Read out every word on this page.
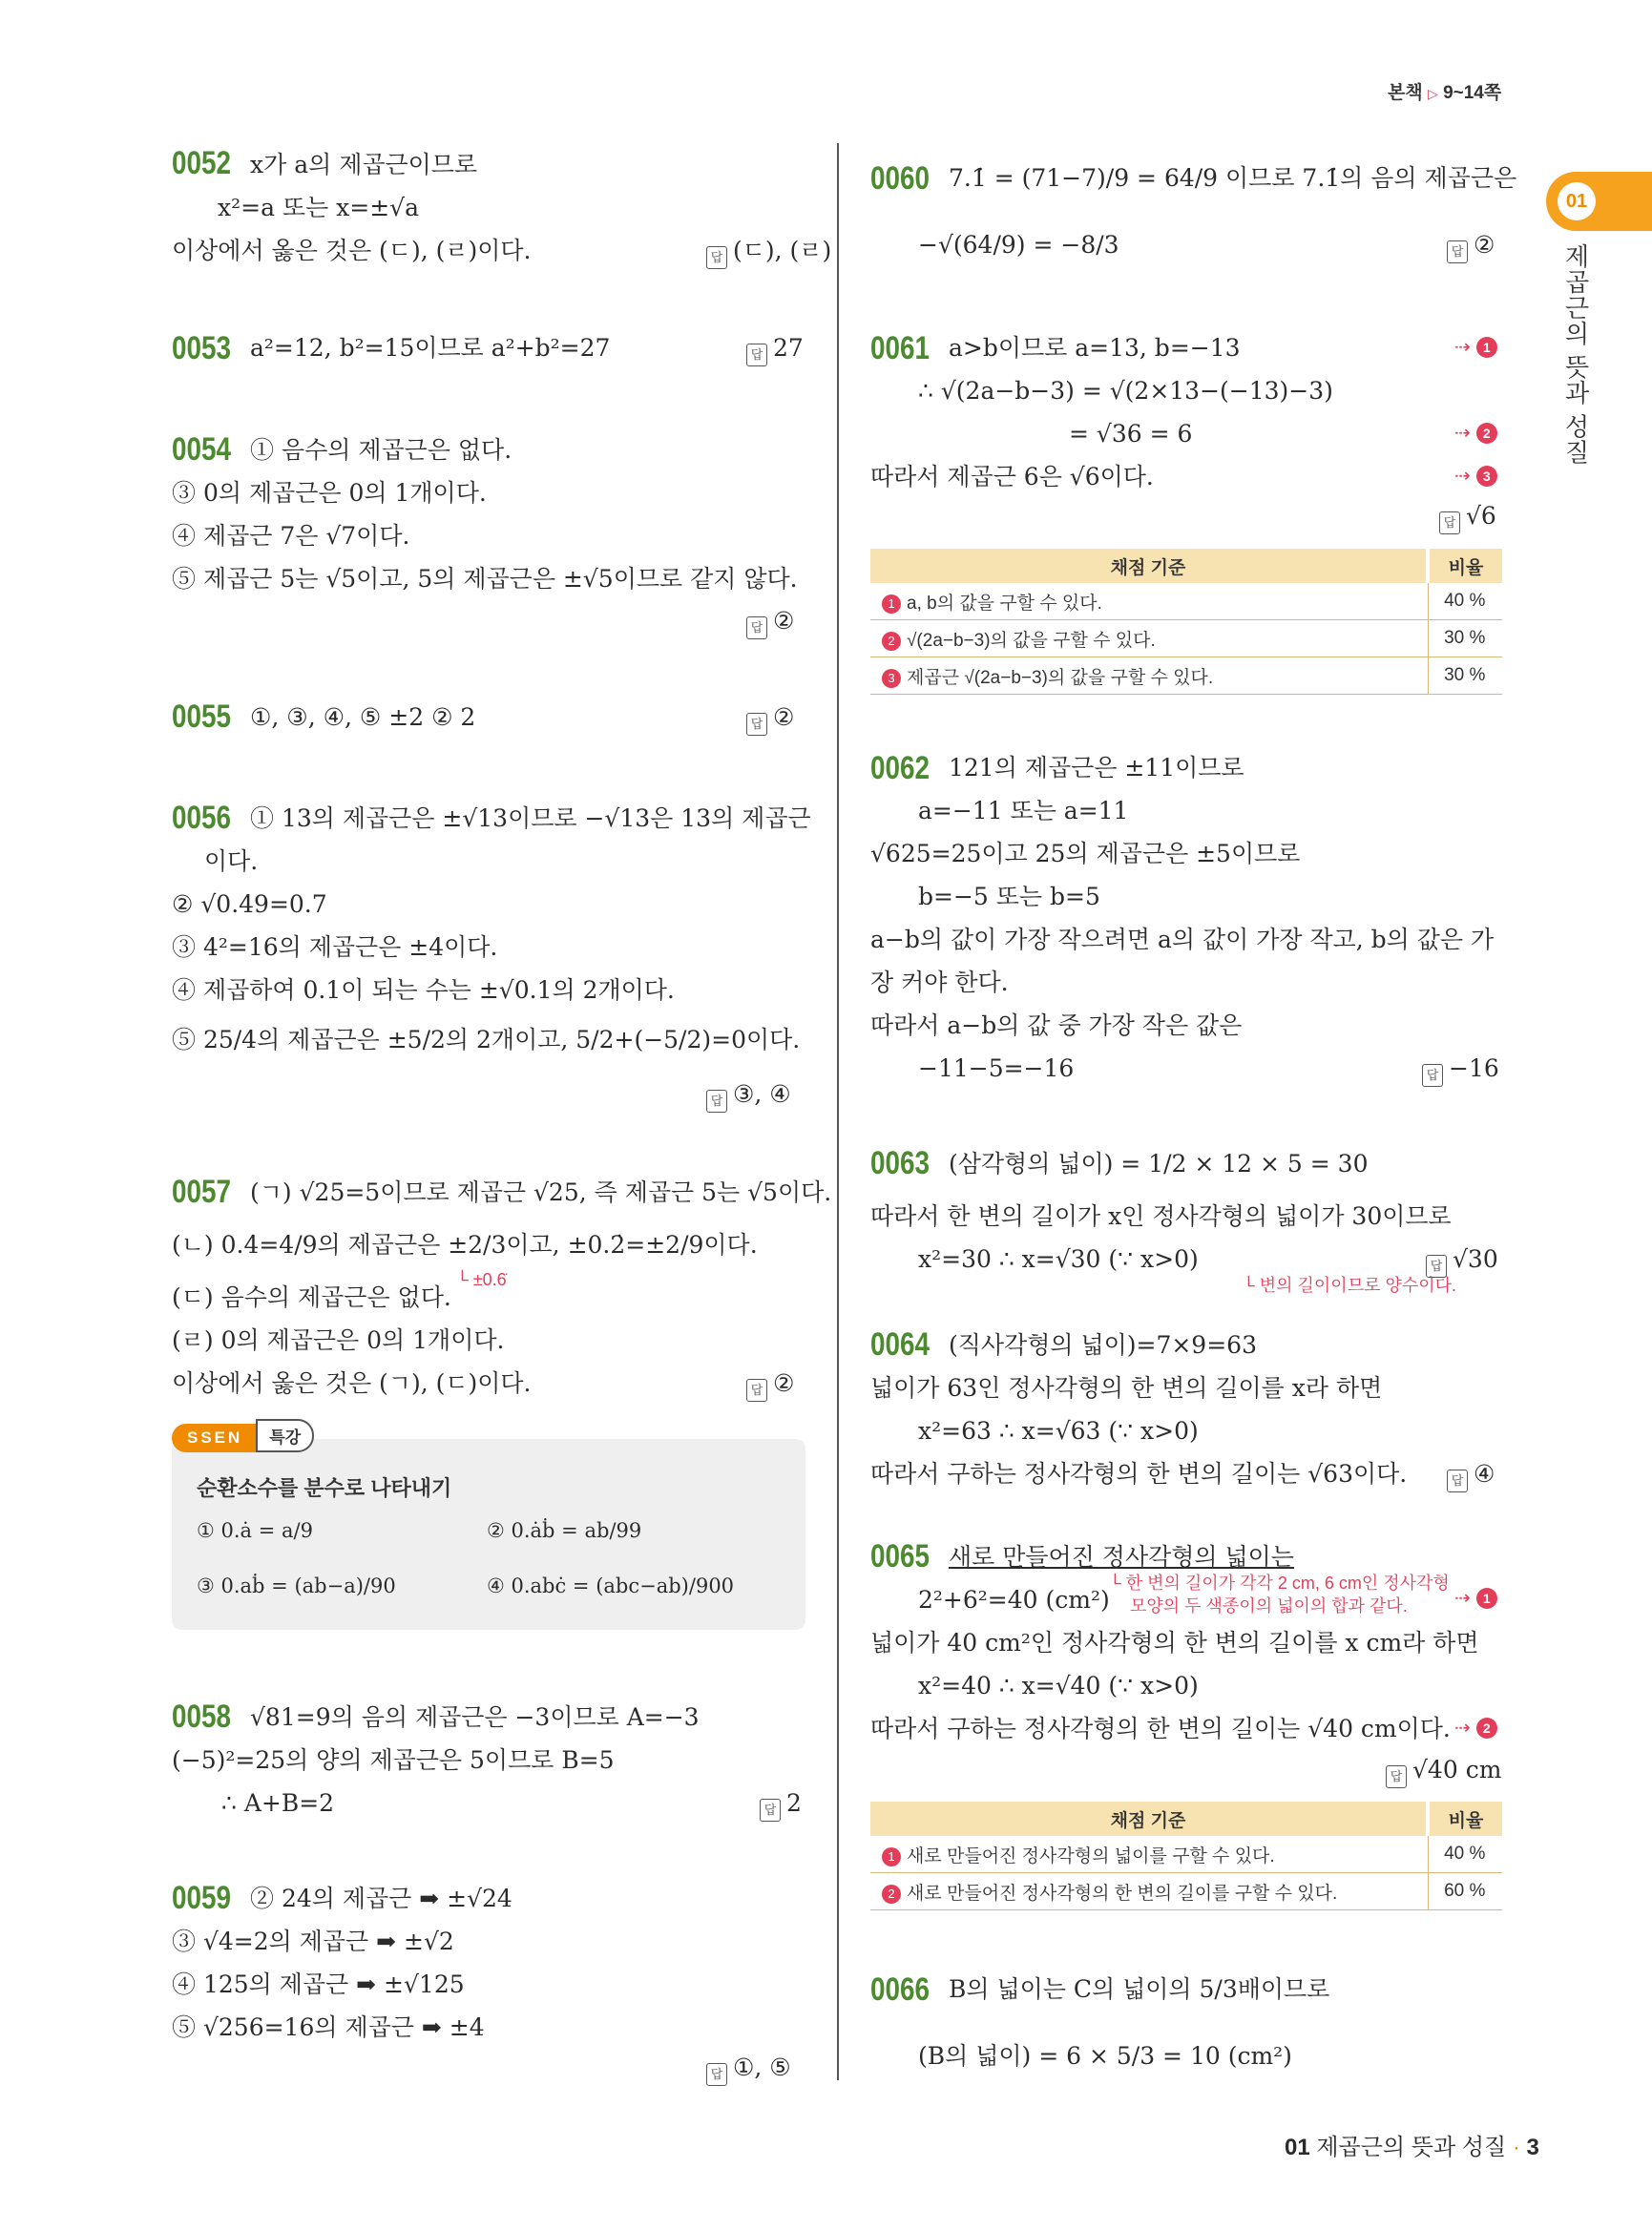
본책 ▷ 9~14쪽
01
제곱근의 뜻과 성질
0052 x가 a의 제곱근이므로
x²=a 또는 x=±√a
이상에서 옳은 것은 (ㄷ), (ㄹ)이다.	답 (ㄷ), (ㄹ)
0053 a²=12, b²=15이므로 a²+b²=27	답 27
0054 ① 음수의 제곱근은 없다.
③ 0의 제곱근은 0의 1개이다.
④ 제곱근 7은 √7이다.
⑤ 제곱근 5는 √5이고, 5의 제곱근은 ±√5이므로 같지 않다.
답 ②
0055 ①, ③, ④, ⑤ ±2 ② 2	답 ②
0056 ① 13의 제곱근은 ±√13이므로 −√13은 13의 제곱근
이다.
② √0.49=0.7
③ 4²=16의 제곱근은 ±4이다.
④ 제곱하여 0.1이 되는 수는 ±√0.1의 2개이다.
⑤ 25/4의 제곱근은 ±5/2의 2개이고, 5/2+(−5/2)=0이다.
답 ③, ④
0057 (ㄱ) √25=5이므로 제곱근 √25, 즉 제곱근 5는 √5이다.
(ㄴ) 0.4̇=4/9의 제곱근은 ±2/3이고, ±0.2̇=±2/9이다.
└ ±0.6̇
(ㄷ) 음수의 제곱근은 없다.
(ㄹ) 0의 제곱근은 0의 1개이다.
이상에서 옳은 것은 (ㄱ), (ㄷ)이다.	답 ②
SSEN 특강
순환소수를 분수로 나타내기
① 0.ȧ = a/9	② 0.ȧḃ = ab/99
③ 0.aḃ = (ab−a)/90	④ 0.abċ = (abc−ab)/900
0058 √81=9의 음의 제곱근은 −3이므로 A=−3
(−5)²=25의 양의 제곱근은 5이므로 B=5
∴ A+B=2	답 2
0059 ② 24의 제곱근 ➡ ±√24
③ √4=2의 제곱근 ➡ ±√2
④ 125의 제곱근 ➡ ±√125
⑤ √256=16의 제곱근 ➡ ±4
답 ①, ⑤
0060 7.1̇ = (71−7)/9 = 64/9 이므로 7.1̇의 음의 제곱근은
−√(64/9) = −8/3	답 ②
0061 a>b이므로 a=13, b=−13
∴ √(2a−b−3) = √(2×13−(−13)−3)
= √36 = 6
따라서 제곱근 6은 √6이다.
⇢ 1
⇢ 2
⇢ 3
답 √6
채점 기준	비율
1 a, b의 값을 구할 수 있다.	40 %
2 √(2a−b−3)의 값을 구할 수 있다.	30 %
3 제곱근 √(2a−b−3)의 값을 구할 수 있다.	30 %
0062 121의 제곱근은 ±11이므로
a=−11 또는 a=11
√625=25이고 25의 제곱근은 ±5이므로
b=−5 또는 b=5
a−b의 값이 가장 작으려면 a의 값이 가장 작고, b의 값은 가
장 커야 한다.
따라서 a−b의 값 중 가장 작은 값은
−11−5=−16	답 −16
0063 (삼각형의 넓이) = 1/2 × 12 × 5 = 30
따라서 한 변의 길이가 x인 정사각형의 넓이가 30이므로
x²=30 ∴ x=√30 (∵ x>0)
└ 변의 길이이므로 양수이다.
답 √30
0064 (직사각형의 넓이)=7×9=63
넓이가 63인 정사각형의 한 변의 길이를 x라 하면
x²=63 ∴ x=√63 (∵ x>0)
따라서 구하는 정사각형의 한 변의 길이는 √63이다.	답 ④
0065 새로 만들어진 정사각형의 넓이는
2²+6²=40 (cm²)
└ 한 변의 길이가 각각 2 cm, 6 cm인 정사각형
모양의 두 색종이의 넓이의 합과 같다. ⇢ 1
넓이가 40 cm²인 정사각형의 한 변의 길이를 x cm라 하면
x²=40 ∴ x=√40 (∵ x>0)
따라서 구하는 정사각형의 한 변의 길이는 √40 cm이다. ⇢ 2
답 √40 cm
채점 기준	비율
1 새로 만들어진 정사각형의 넓이를 구할 수 있다.	40 %
2 새로 만들어진 정사각형의 한 변의 길이를 구할 수 있다.	60 %
0066 B의 넓이는 C의 넓이의 5/3배이므로
(B의 넓이) = 6 × 5/3 = 10 (cm²)
01 제곱근의 뜻과 성질 · 3
